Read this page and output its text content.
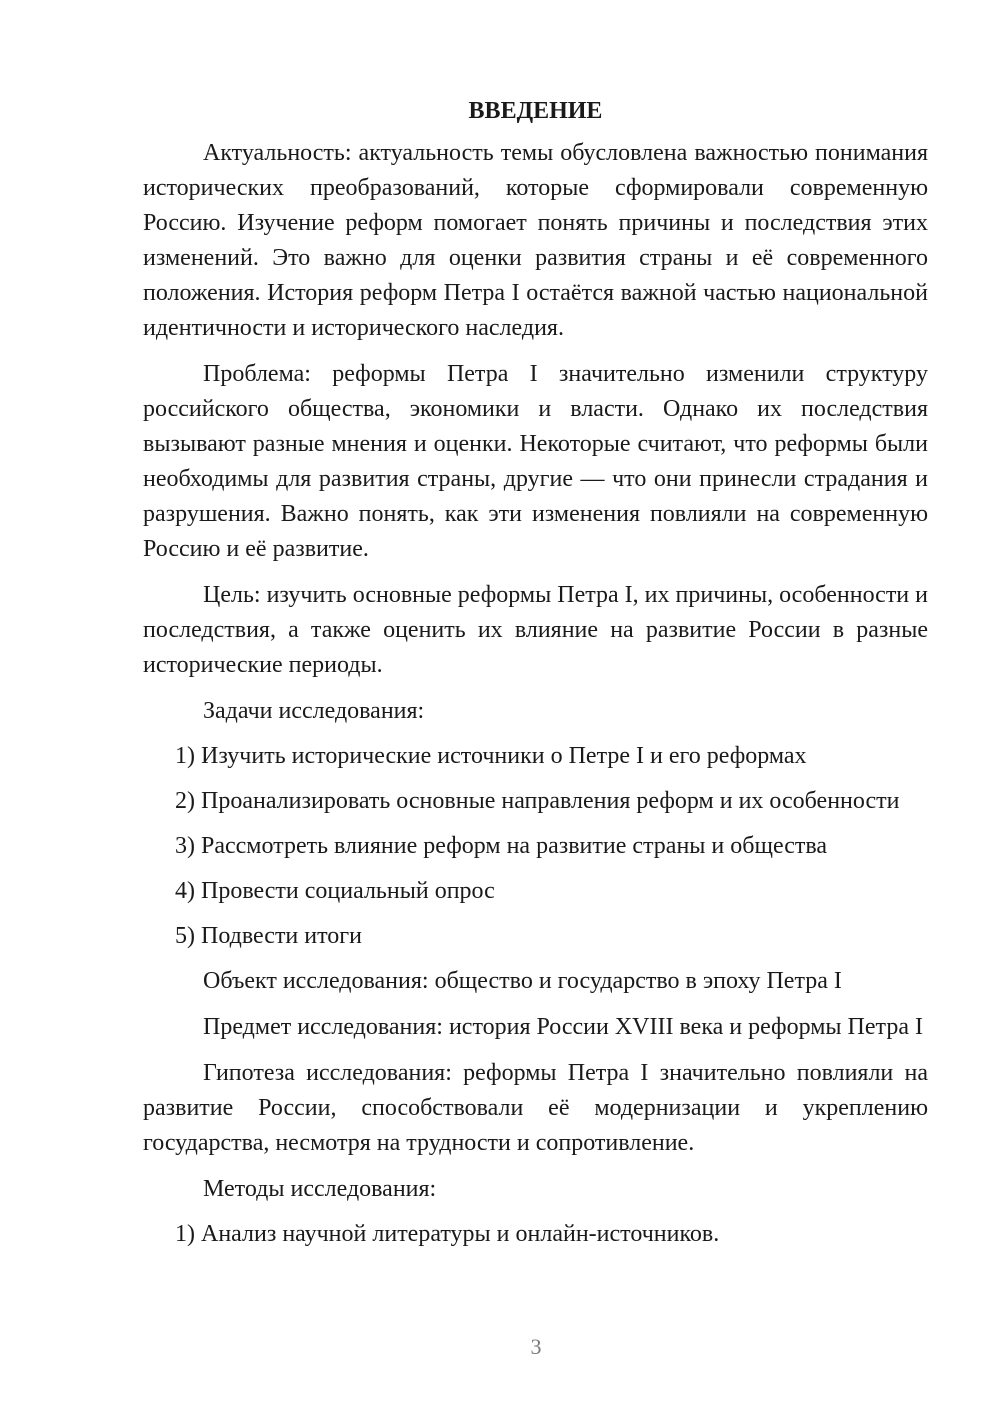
ВВЕДЕНИЕ

Актуальность: актуальность темы обусловлена важностью понимания исторических преобразований, которые сформировали современную Россию. Изучение реформ помогает понять причины и последствия этих изменений. Это важно для оценки развития страны и её современного положения. История реформ Петра I остаётся важной частью национальной идентичности и исторического наследия.

Проблема: реформы Петра I значительно изменили структуру российского общества, экономики и власти. Однако их последствия вызывают разные мнения и оценки. Некоторые считают, что реформы были необходимы для развития страны, другие — что они принесли страдания и разрушения. Важно понять, как эти изменения повлияли на современную Россию и её развитие.

Цель: изучить основные реформы Петра I, их причины, особенности и последствия, а также оценить их влияние на развитие России в разные исторические периоды.

Задачи исследования:
1) Изучить исторические источники о Петре I и его реформах
2) Проанализировать основные направления реформ и их особенности
3) Рассмотреть влияние реформ на развитие страны и общества
4) Провести социальный опрос
5) Подвести итоги

Объект исследования: общество и государство в эпоху Петра I

Предмет исследования: история России XVIII века и реформы Петра I

Гипотеза исследования: реформы Петра I значительно повлияли на развитие России, способствовали её модернизации и укреплению государства, несмотря на трудности и сопротивление.

Методы исследования:
1) Анализ научной литературы и онлайн-источников.
3
